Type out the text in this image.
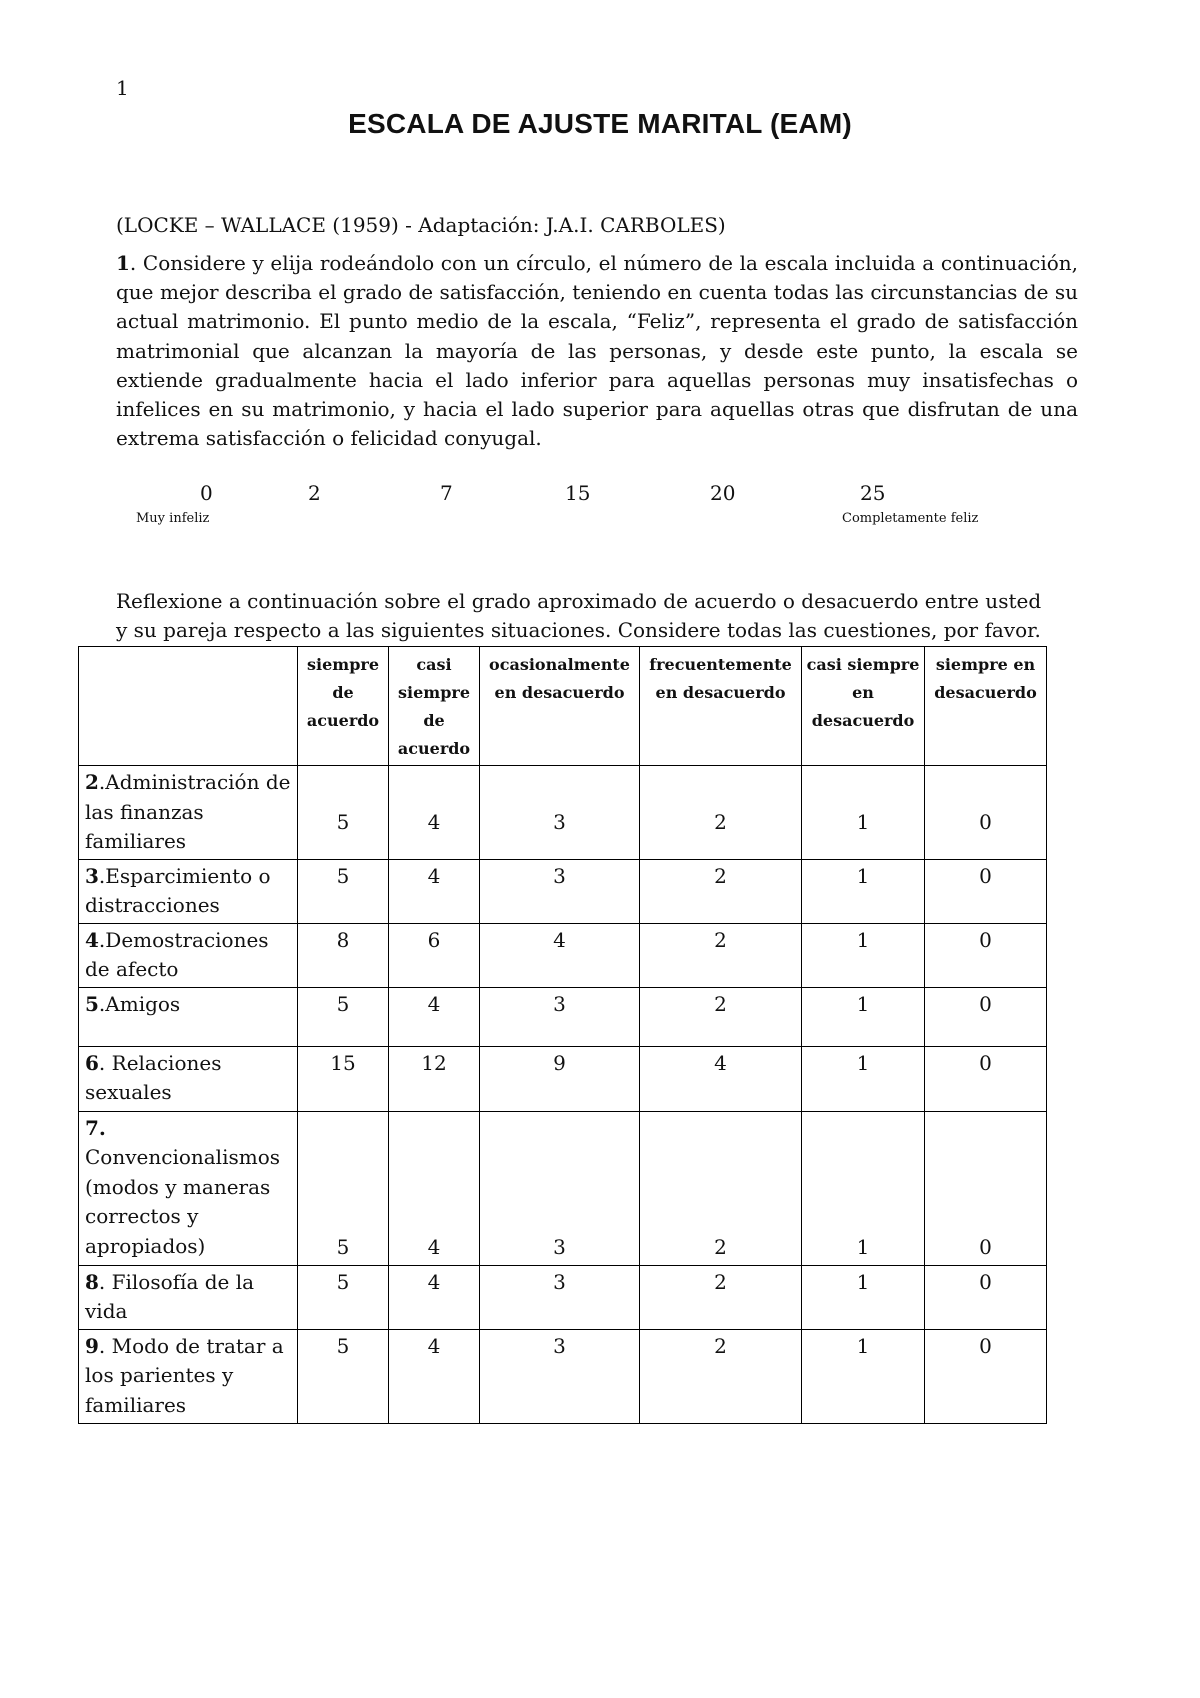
1
ESCALA DE AJUSTE MARITAL (EAM)
(LOCKE – WALLACE (1959) - Adaptación: J.A.I. CARBOLES)

1. Considere y elija rodeándolo con un círculo, el número de la escala incluida a continuación, que mejor describa el grado de satisfacción, teniendo en cuenta todas las circunstancias de su actual matrimonio. El punto medio de la escala, “Feliz”, representa el grado de satisfacción matrimonial que alcanzan la mayoría de las personas, y desde este punto, la escala se extiende gradualmente hacia el lado inferior para aquellas personas muy insatisfechas o infelices en su matrimonio, y hacia el lado superior para aquellas otras que disfrutan de una extrema satisfacción o felicidad conyugal.

0	2	7	15	20	25
Muy infeliz	Completamente feliz

Reflexione a continuación sobre el grado aproximado de acuerdo o desacuerdo entre usted y su pareja respecto a las siguientes situaciones. Considere todas las cuestiones, por favor.

	siempre de acuerdo	casi siempre de acuerdo	ocasionalmente en desacuerdo	frecuentemente en desacuerdo	casi siempre en desacuerdo	siempre en desacuerdo
2.Administración de las finanzas familiares	5	4	3	2	1	0
3.Esparcimiento o distracciones	5	4	3	2	1	0
4.Demostraciones de afecto	8	6	4	2	1	0
5.Amigos	5	4	3	2	1	0
6. Relaciones sexuales	15	12	9	4	1	0
7.
Convencionalismos (modos y maneras correctos y apropiados)	5	4	3	2	1	0
8. Filosofía de la vida	5	4	3	2	1	0
9. Modo de tratar a los parientes y familiares	5	4	3	2	1	0
